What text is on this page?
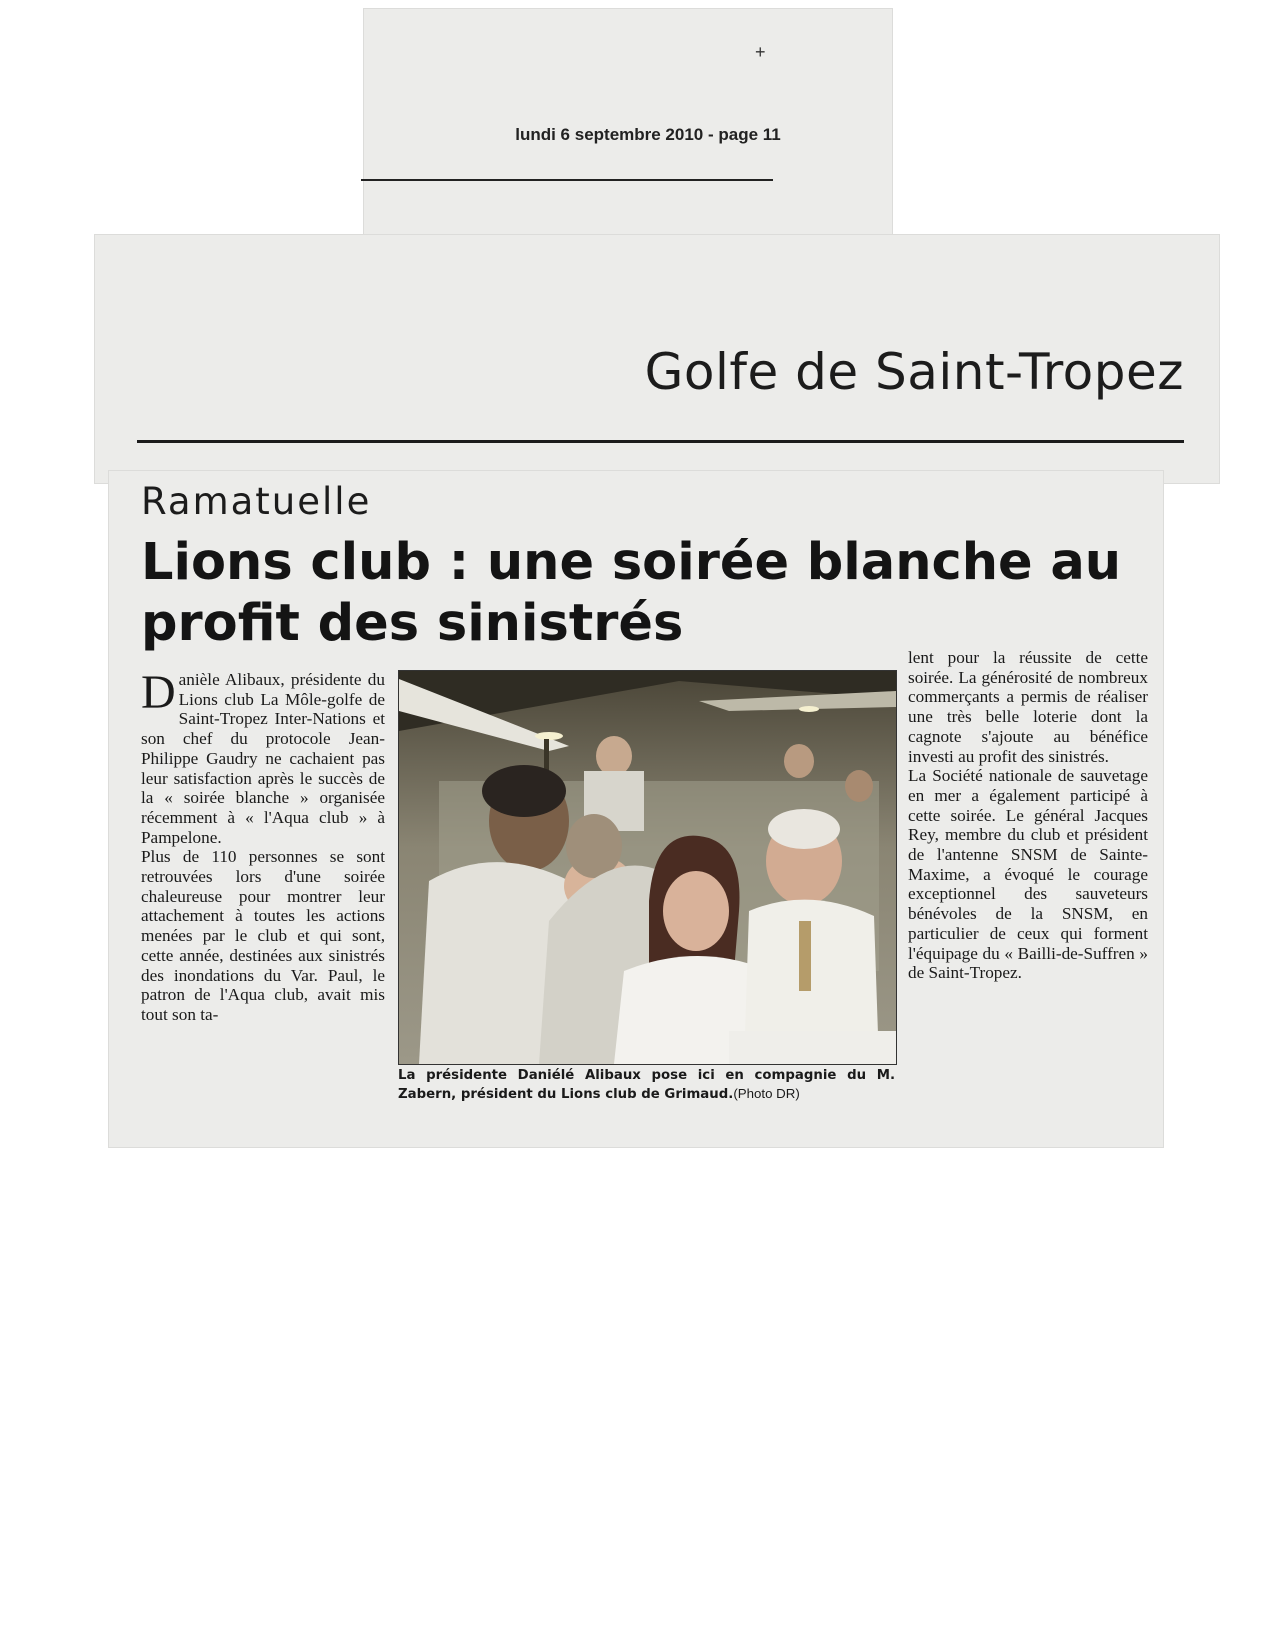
+
lundi 6 septembre 2010 - page 11
Golfe de Saint-Tropez
Ramatuelle
Lions club : une soirée blanche au profit des sinistrés

Danièle Alibaux, présidente du Lions club La Môle-golfe de Saint-Tropez Inter-Nations et son chef du protocole Jean-Philippe Gaudry ne cachaient pas leur satisfaction après le succès de la « soirée blanche » organisée récemment à « l'Aqua club » à Pampelone.

Plus de 110 personnes se sont retrouvées lors d'une soirée chaleureuse pour montrer leur attachement à toutes les actions menées par le club et qui sont, cette année, destinées aux sinistrés des inondations du Var. Paul, le patron de l'Aqua club, avait mis tout son ta-

La présidente Daniélé Alibaux pose ici en compagnie du M. Zabern, président du Lions club de Grimaud.(Photo DR)

lent pour la réussite de cette soirée. La générosité de nombreux commerçants a permis de réaliser une très belle loterie dont la cagnote s'ajoute au bénéfice investi au profit des sinistrés.

La Société nationale de sauvetage en mer a également participé à cette soirée. Le général Jacques Rey, membre du club et président de l'antenne SNSM de Sainte-Maxime, a évoqué le courage exceptionnel des sauveteurs bénévoles de la SNSM, en particulier de ceux qui forment l'équipage du « Bailli-de-Suffren » de Saint-Tropez.
